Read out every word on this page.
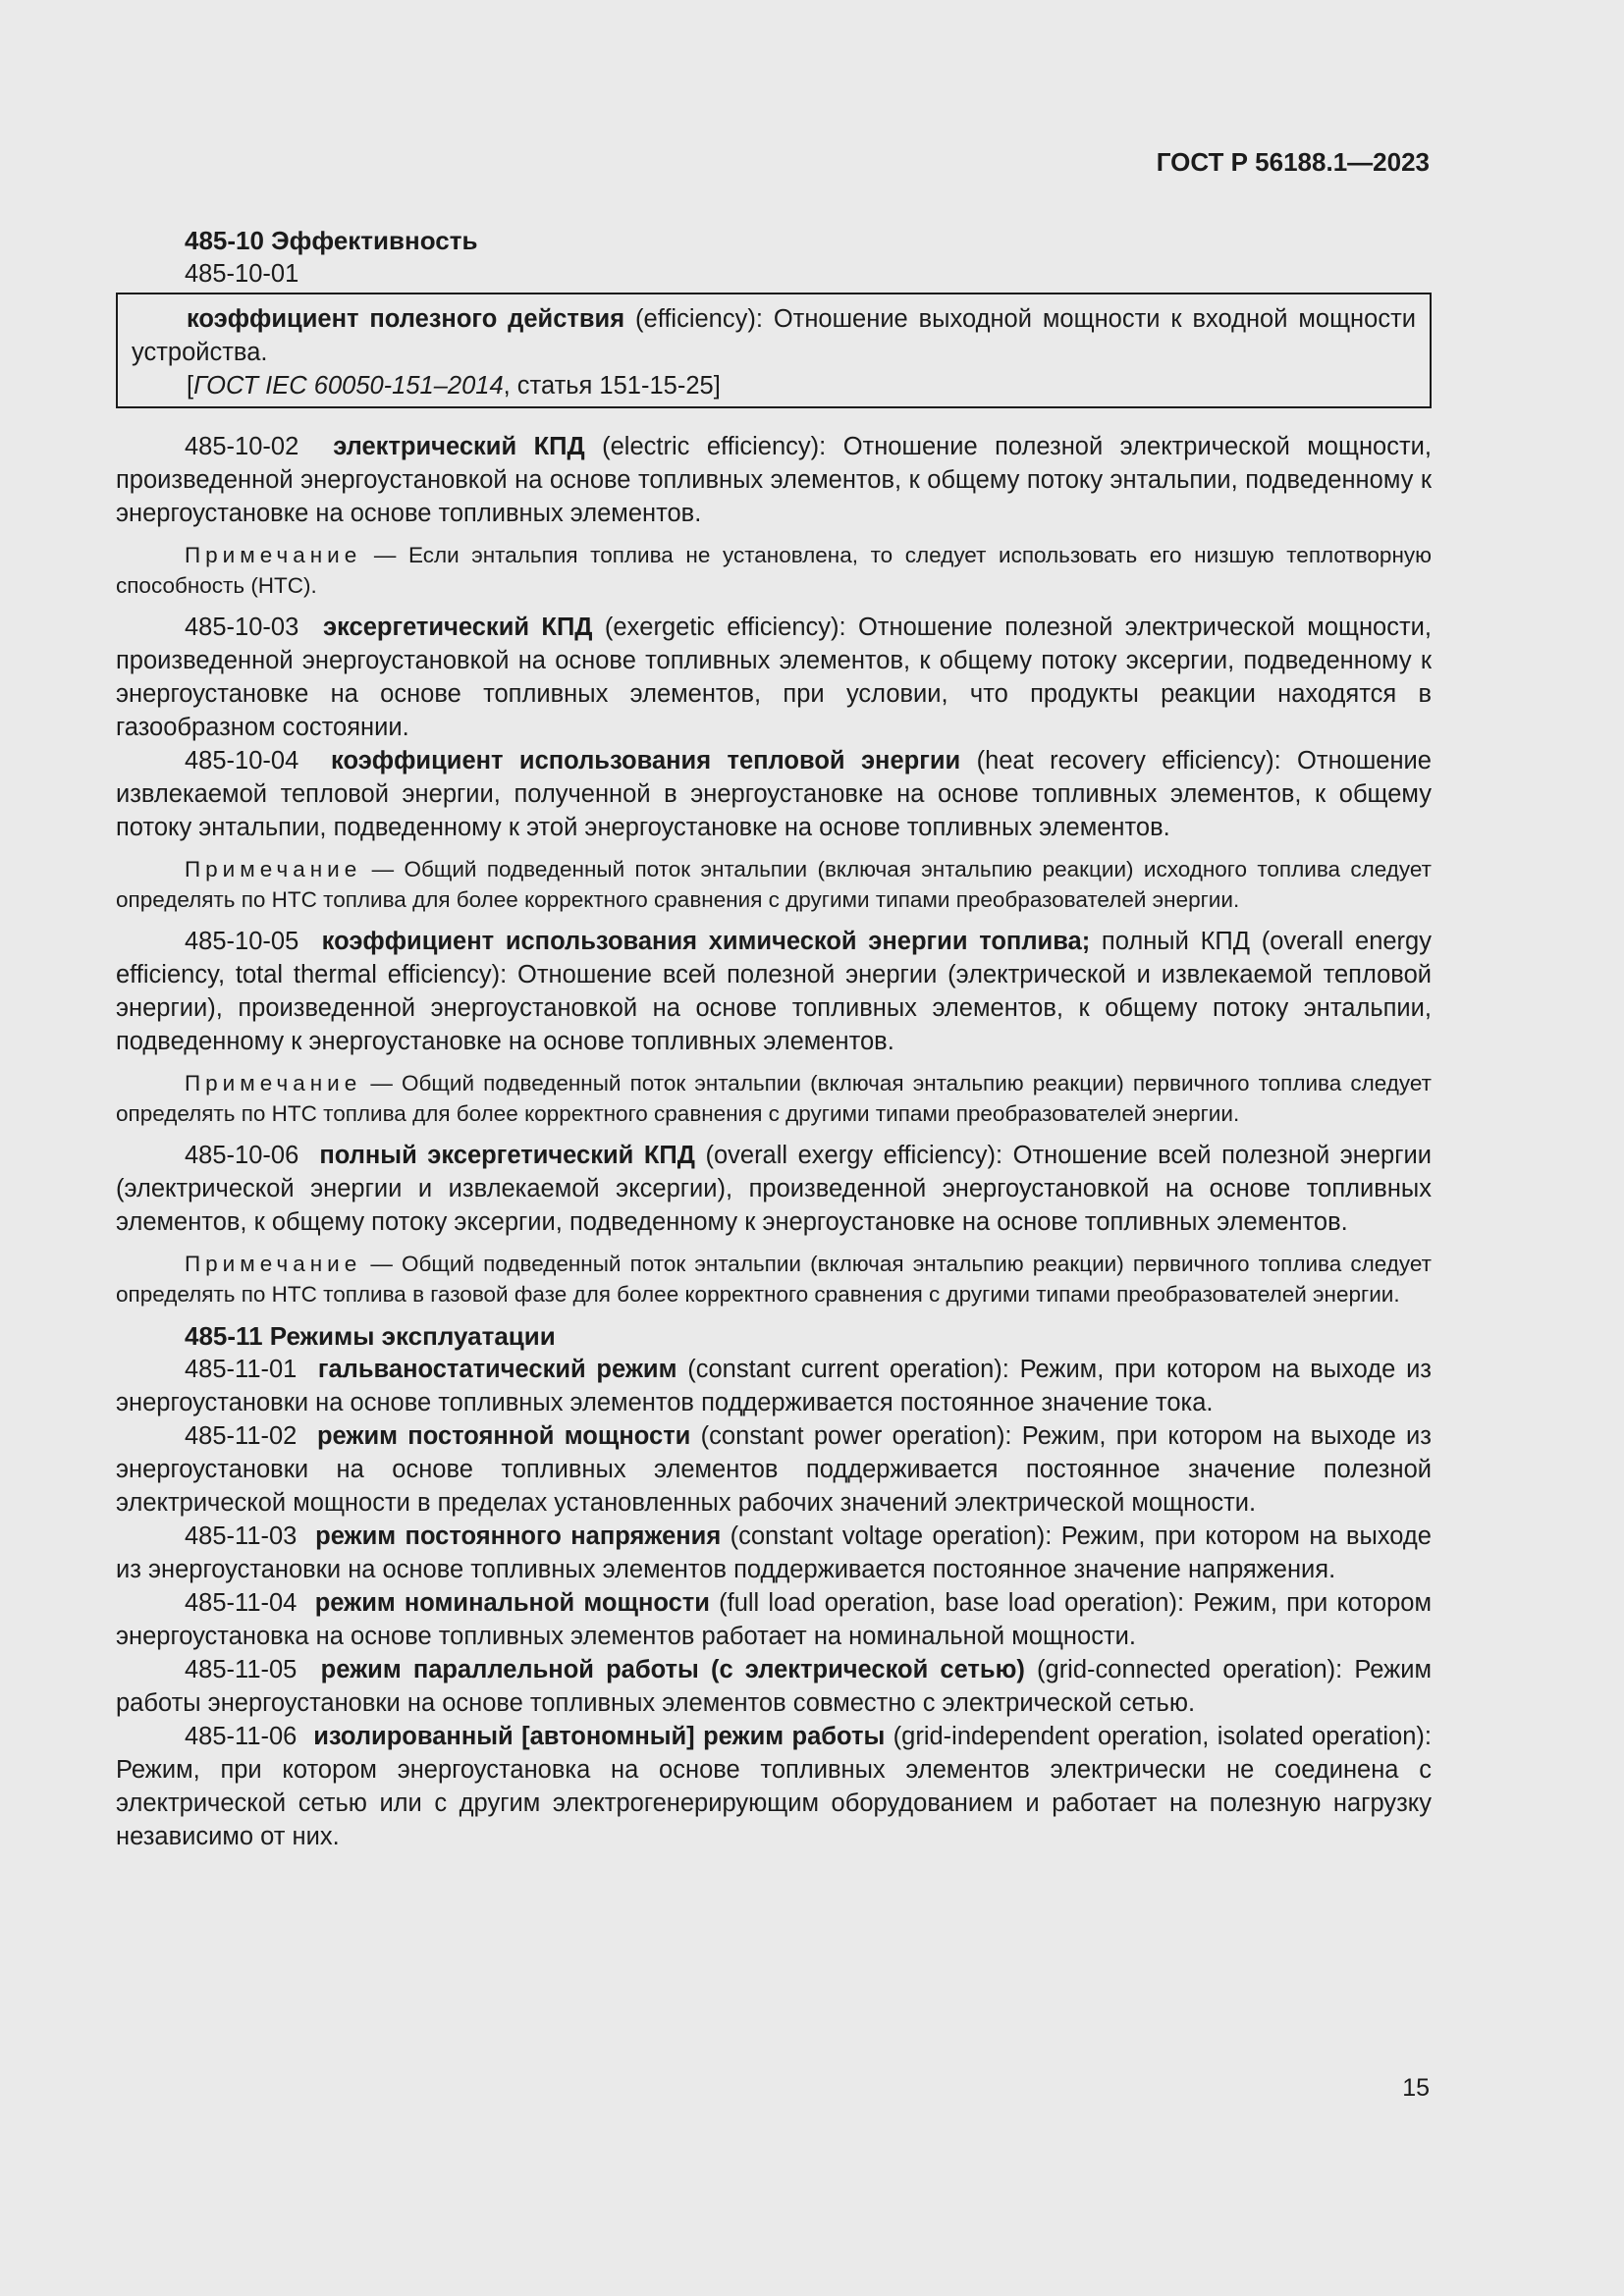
ГОСТ Р 56188.1—2023

485-10 Эффективность

485-10-01

коэффициент полезного действия (efficiency): Отношение выходной мощности к входной мощности устройства.

[ГОСТ IEC 60050-151–2014, статья 151-15-25]

485-10-02 электрический КПД (electric efficiency): Отношение полезной электрической мощности, произведенной энергоустановкой на основе топливных элементов, к общему потоку энтальпии, подведенному к энергоустановке на основе топливных элементов.

Примечание — Если энтальпия топлива не установлена, то следует использовать его низшую теплотворную способность (НТС).

485-10-03 эксергетический КПД (exergetic efficiency): Отношение полезной электрической мощности, произведенной энергоустановкой на основе топливных элементов, к общему потоку эксергии, подведенному к энергоустановке на основе топливных элементов, при условии, что продукты реакции находятся в газообразном состоянии.

485-10-04 коэффициент использования тепловой энергии (heat recovery efficiency): Отношение извлекаемой тепловой энергии, полученной в энергоустановке на основе топливных элементов, к общему потоку энтальпии, подведенному к этой энергоустановке на основе топливных элементов.

Примечание — Общий подведенный поток энтальпии (включая энтальпию реакции) исходного топлива следует определять по НТС топлива для более корректного сравнения с другими типами преобразователей энергии.

485-10-05 коэффициент использования химической энергии топлива; полный КПД (overall energy efficiency, total thermal efficiency): Отношение всей полезной энергии (электрической и извлекаемой тепловой энергии), произведенной энергоустановкой на основе топливных элементов, к общему потоку энтальпии, подведенному к энергоустановке на основе топливных элементов.

Примечание — Общий подведенный поток энтальпии (включая энтальпию реакции) первичного топлива следует определять по НТС топлива для более корректного сравнения с другими типами преобразователей энергии.

485-10-06 полный эксергетический КПД (overall exergy efficiency): Отношение всей полезной энергии (электрической энергии и извлекаемой эксергии), произведенной энергоустановкой на основе топливных элементов, к общему потоку эксергии, подведенному к энергоустановке на основе топливных элементов.

Примечание — Общий подведенный поток энтальпии (включая энтальпию реакции) первичного топлива следует определять по НТС топлива в газовой фазе для более корректного сравнения с другими типами преобразователей энергии.

485-11 Режимы эксплуатации

485-11-01 гальваностатический режим (constant current operation): Режим, при котором на выходе из энергоустановки на основе топливных элементов поддерживается постоянное значение тока.

485-11-02 режим постоянной мощности (constant power operation): Режим, при котором на выходе из энергоустановки на основе топливных элементов поддерживается постоянное значение полезной электрической мощности в пределах установленных рабочих значений электрической мощности.

485-11-03 режим постоянного напряжения (constant voltage operation): Режим, при котором на выходе из энергоустановки на основе топливных элементов поддерживается постоянное значение напряжения.

485-11-04 режим номинальной мощности (full load operation, base load operation): Режим, при котором энергоустановка на основе топливных элементов работает на номинальной мощности.

485-11-05 режим параллельной работы (с электрической сетью) (grid-connected operation): Режим работы энергоустановки на основе топливных элементов совместно с электрической сетью.

485-11-06 изолированный [автономный] режим работы (grid-independent operation, isolated operation): Режим, при котором энергоустановка на основе топливных элементов электрически не соединена с электрической сетью или с другим электрогенерирующим оборудованием и работает на полезную нагрузку независимо от них.

15
